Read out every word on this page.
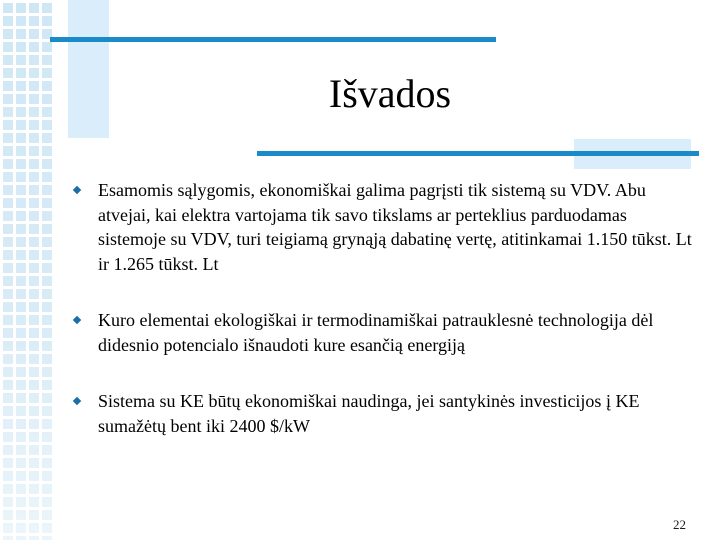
Išvados
Esamomis sąlygomis, ekonomiškai galima pagrįsti tik sistemą su VDV. Abu atvejai, kai elektra vartojama tik savo tikslams ar perteklius parduodamas sistemoje su VDV, turi teigiamą grynąją dabatinę vertę, atitinkamai 1.150 tūkst. Lt ir 1.265 tūkst. Lt
Kuro elementai ekologiškai ir termodinamiškai patrauklesnė technologija dėl didesnio potencialo išnaudoti kure esančią energiją
Sistema su KE būtų ekonomiškai naudinga, jei santykinės investicijos į KE sumažėtų bent iki 2400 $/kW
22
